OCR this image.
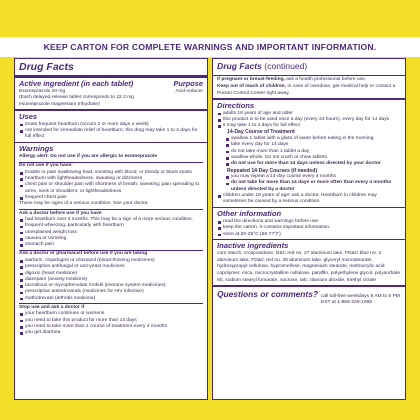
KEEP CARTON FOR COMPLETE WARNINGS AND IMPORTANT INFORMATION.
Drug Facts
Active ingredient (in each tablet)	Purpose
Esomeprazole 20 mg	Acid reducer
(Each delayed-release tablet corresponds to 22.3 mg
esomeprazole magnesium trihydrate)
Uses
treats frequent heartburn (occurs 2 or more days a week)
not intended for immediate relief of heartburn; this drug may take 1 to 4 days for full effect
Warnings
Allergy alert: Do not use if you are allergic to esomeprazole
Do not use if you have:
trouble or pain swallowing food, vomiting with blood, or bloody or black stools
heartburn with lightheadedness, sweating or dizziness
chest pain or shoulder pain with shortness of breath; sweating; pain spreading to arms, neck or shoulders; or lightheadedness
frequent chest pain
These may be signs of a serious condition. See your doctor.
Ask a doctor before use if you have
had heartburn over 3 months. This may be a sign of a more serious condition.
frequent wheezing, particularly with heartburn
unexplained weight loss
nausea or vomiting
stomach pain
Ask a doctor or pharmacist before use if you are taking
warfarin, clopidogrel or cilostazol (blood-thinning medicines)
prescription antifungal or anti-yeast medicines
digoxin (heart medicine)
diazepam (anxiety medicine)
tacrolimus or mycophenolate mofetil (immune system medicines)
prescription antiretrovirals (medicines for HIV infection)
methotrexate (arthritis medicine)
Stop use and ask a doctor if
your heartburn continues or worsens
you need to take this product for more than 14 days
you need to take more than 1 course of treatment every 4 months
you get diarrhea
Drug Facts (continued)
If pregnant or breast-feeding, ask a health professional before use.
Keep out of reach of children. In case of overdose, get medical help or contact a Poison Control Center right away.
Directions
adults 18 years of age and older
this product is to be used once a day (every 24 hours), every day for 14 days
it may take 1 to 4 days for full effect
14-Day Course of Treatment
swallow 1 tablet with a glass of water before eating in the morning
take every day for 14 days
do not take more than 1 tablet a day
swallow whole. Do not crush or chew tablets.
do not use for more than 14 days unless directed by your doctor
Repeated 14-Day Courses (if needed)
you may repeat a 14-day course every 4 months
do not take for more than 14 days or more often than every 4 months unless directed by a doctor
children under 18 years of age: ask a doctor. Heartburn in children may sometimes be caused by a serious condition.
Other information
read the directions and warnings before use
keep the carton. It contains important information.
store at 20-25°C (68-77°F)
Inactive ingredients
corn starch, crospovidone, D&C red no. 27 aluminum lake, FD&C blue no. 2 aluminum lake, FD&C red no. 40 aluminum lake, glyceryl monostearate, hydroxypropyl cellulose, hypromellose, magnesium stearate, methacrylic acid copolymer, mica, microcrystalline cellulose, paraffin, polyethylene glycol, polysorbate 80, sodium stearyl fumarate, sucrose, talc, titanium dioxide, triethyl citrate
Questions or comments? call toll-free weekdays 9 AM to 5 PM EST at 1-866-229-1008
